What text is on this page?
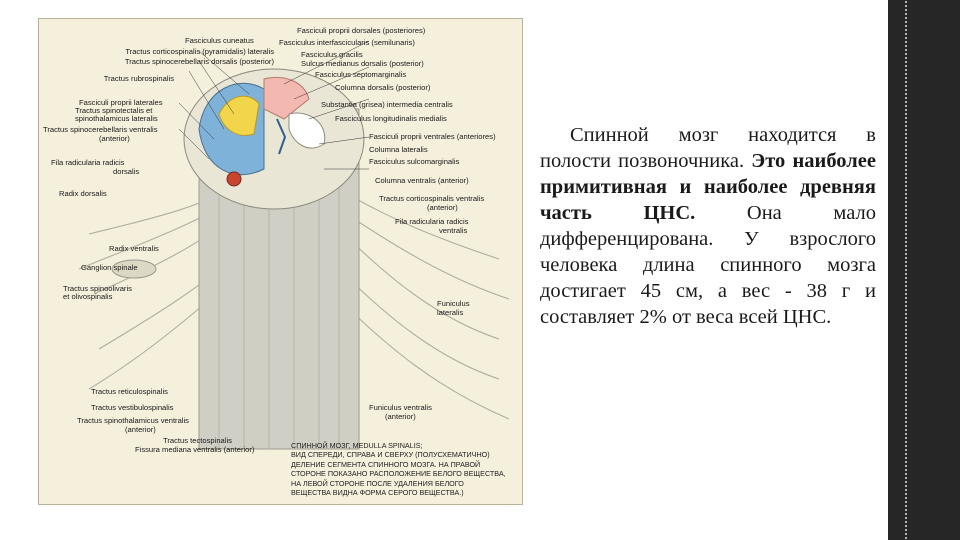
Fasciculus cuneatus
Tractus corticospinalis (pyramidalis) lateralis
Tractus spinocerebellaris dorsalis (posterior)
Tractus rubrospinalis
Fasciculi proprii laterales
Tractus spinotectalis et
spinothalamicus lateralis
Tractus spinocerebellaris ventralis
(anterior)
Fila radicularia radicis
dorsalis
Radix dorsalis
Radix ventralis
Ganglion spinale
Tractus spinoolivaris
et olivospinalis
Tractus reticulospinalis
Tractus vestibulospinalis
Tractus spinothalamicus ventralis
(anterior)
Tractus tectospinalis
Fissura mediana ventralis (anterior)
Fasciculi proprii dorsales (posteriores)
Fasciculus interfascicularis (semilunaris)
Fasciculus gracilis
Sulcus medianus dorsalis (posterior)
Fasciculus septomarginalis
Columna dorsalis (posterior)
Substantia (grisea) intermedia centralis
Fasciculus longitudinalis medialis
Fasciculi proprii ventrales (anteriores)
Columna lateralis
Fasciculus sulcomarginalis
Columna ventralis (anterior)
Tractus corticospinalis ventralis
(anterior)
Fila radicularia radicis
ventralis
Funiculus
lateralis
Funiculus ventralis
(anterior)
СПИННОЙ МОЗГ, MEDULLA SPINALIS;
ВИД СПЕРЕДИ, СПРАВА И СВЕРХУ (ПОЛУСХЕМАТИЧНО)
ДЕЛЕНИЕ СЕГМЕНТА СПИННОГО МОЗГА. НА ПРАВОЙ
СТОРОНЕ ПОКАЗАНО РАСПОЛОЖЕНИЕ БЕЛОГО ВЕЩЕСТВА,
НА ЛЕВОЙ СТОРОНЕ ПОСЛЕ УДАЛЕНИЯ БЕЛОГО
ВЕЩЕСТВА ВИДНА ФОРМА СЕРОГО ВЕЩЕСТВА.)

Спинной мозг находится в полости позвоночника. Это наиболее примитивная и наиболее древняя часть ЦНС.	Она мало дифференцирована. У взрослого человека длина спинного мозга достигает 45 см, а вес - 38 г и составляет 2% от веса всей ЦНС.
